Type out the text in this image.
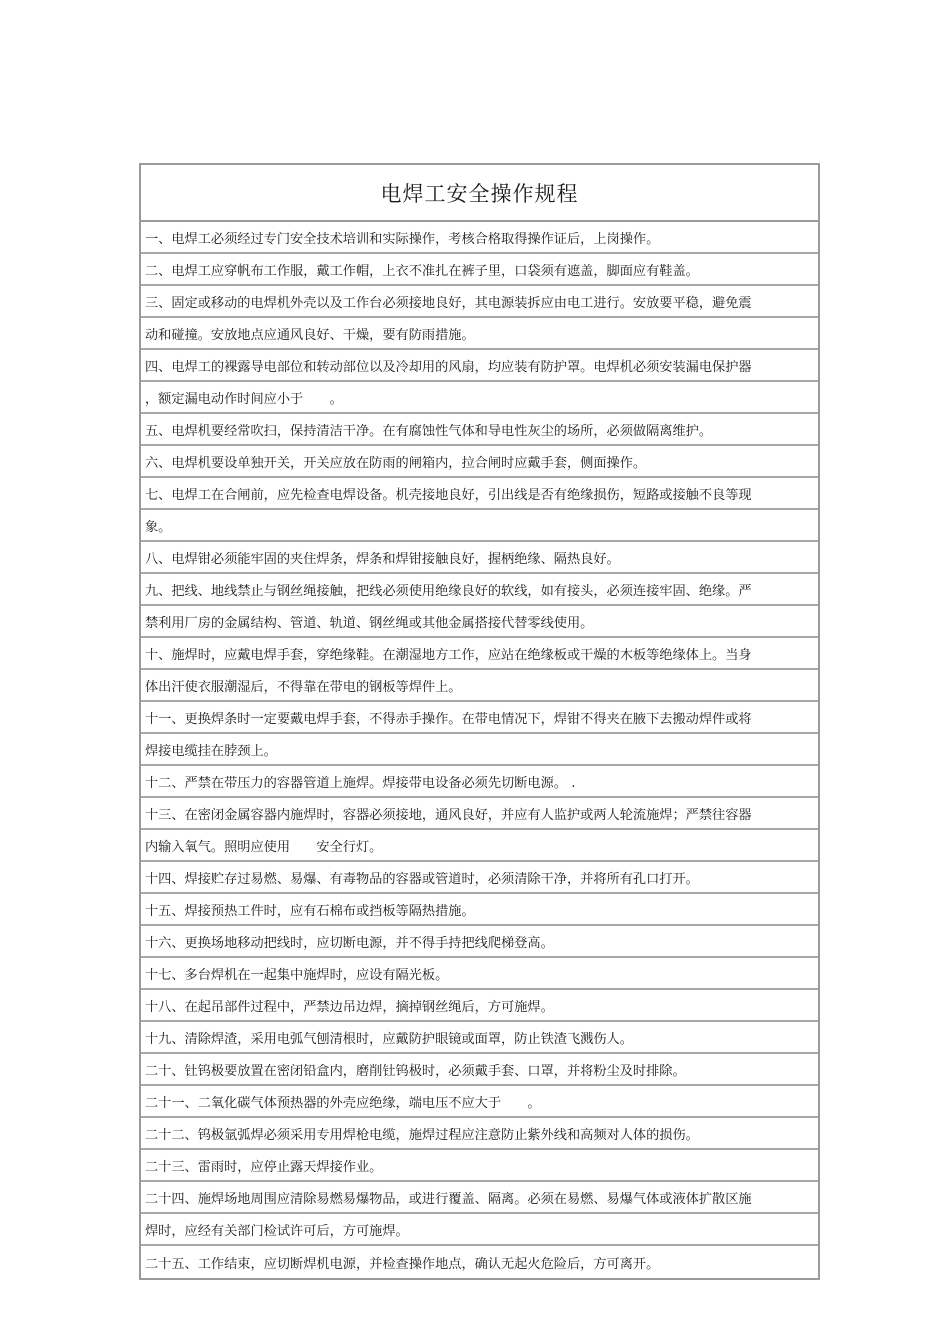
电焊工安全操作规程
一、电焊工必须经过专门安全技术培训和实际操作，考核合格取得操作证后，上岗操作。
二、电焊工应穿帆布工作服，戴工作帽，上衣不准扎在裤子里，口袋须有遮盖，脚面应有鞋盖。
三、固定或移动的电焊机外壳以及工作台必须接地良好，其电源装拆应由电工进行。安放要平稳，避免震
动和碰撞。安放地点应通风良好、干燥，要有防雨措施。
四、电焊工的裸露导电部位和转动部位以及冷却用的风扇，均应装有防护罩。电焊机必须安装漏电保护器
，额定漏电动作时间应小于　　。
五、电焊机要经常吹扫，保持清洁干净。在有腐蚀性气体和导电性灰尘的场所，必须做隔离维护。
六、电焊机要设单独开关，开关应放在防雨的闸箱内，拉合闸时应戴手套，侧面操作。
七、电焊工在合闸前，应先检查电焊设备。机壳接地良好，引出线是否有绝缘损伤，短路或接触不良等现
象。
八、电焊钳必须能牢固的夹住焊条，焊条和焊钳接触良好，握柄绝缘、隔热良好。
九、把线、地线禁止与钢丝绳接触，把线必须使用绝缘良好的软线，如有接头，必须连接牢固、绝缘。严
禁利用厂房的金属结构、管道、轨道、钢丝绳或其他金属搭接代替零线使用。
十、施焊时，应戴电焊手套，穿绝缘鞋。在潮湿地方工作，应站在绝缘板或干燥的木板等绝缘体上。当身
体出汗使衣服潮湿后，不得靠在带电的钢板等焊件上。
十一、更换焊条时一定要戴电焊手套，不得赤手操作。在带电情况下，焊钳不得夹在腋下去搬动焊件或将
焊接电缆挂在脖颈上。
十二、严禁在带压力的容器管道上施焊。焊接带电设备必须先切断电源。 .
十三、在密闭金属容器内施焊时，容器必须接地，通风良好，并应有人监护或两人轮流施焊；严禁往容器
内输入氧气。照明应使用　　安全行灯。
十四、焊接贮存过易燃、易爆、有毒物品的容器或管道时，必须清除干净，并将所有孔口打开。
十五、焊接预热工件时，应有石棉布或挡板等隔热措施。
十六、更换场地移动把线时，应切断电源，并不得手持把线爬梯登高。
十七、多台焊机在一起集中施焊时，应设有隔光板。
十八、在起吊部件过程中，严禁边吊边焊，摘掉钢丝绳后，方可施焊。
十九、清除焊渣，采用电弧气刨清根时，应戴防护眼镜或面罩，防止铁渣飞溅伤人。
二十、钍钨极要放置在密闭铅盒内，磨削钍钨极时，必须戴手套、口罩，并将粉尘及时排除。
二十一、二氧化碳气体预热器的外壳应绝缘，端电压不应大于　　。
二十二、钨极氩弧焊必须采用专用焊枪电缆，施焊过程应注意防止紫外线和高频对人体的损伤。
二十三、雷雨时，应停止露天焊接作业。
二十四、施焊场地周围应清除易燃易爆物品，或进行覆盖、隔离。必须在易燃、易爆气体或液体扩散区施
焊时，应经有关部门检试许可后，方可施焊。
二十五、工作结束，应切断焊机电源，并检查操作地点，确认无起火危险后，方可离开。
